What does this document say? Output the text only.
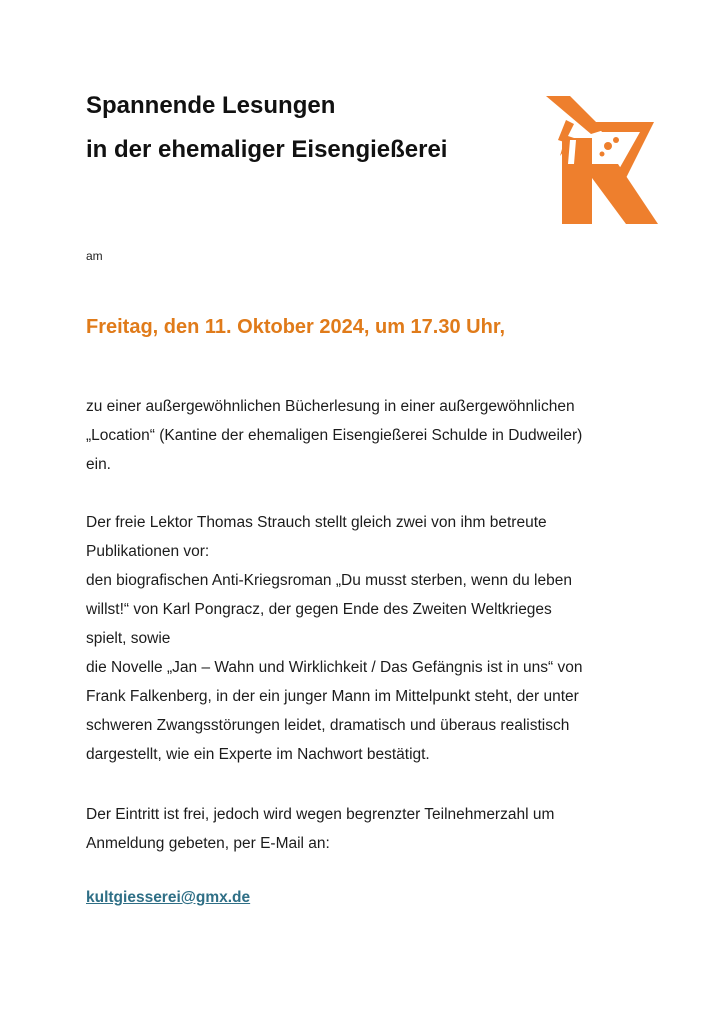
Spannende Lesungen
in der ehemaliger Eisengießerei
am
Freitag, den 11. Oktober 2024, um 17.30 Uhr,
zu einer außergewöhnlichen Bücherlesung in einer außergewöhnlichen
„Location“ (Kantine der ehemaligen Eisengießerei Schulde in Dudweiler)
ein.
Der freie Lektor Thomas Strauch stellt gleich zwei von ihm betreute
Publikationen vor:
den biografischen Anti-Kriegsroman „Du musst sterben, wenn du leben
willst!“ von Karl Pongracz, der gegen Ende des Zweiten Weltkrieges
spielt, sowie
die Novelle „Jan – Wahn und Wirklichkeit / Das Gefängnis ist in uns“ von
Frank Falkenberg, in der ein junger Mann im Mittelpunkt steht, der unter
schweren Zwangsstörungen leidet, dramatisch und überaus realistisch
dargestellt, wie ein Experte im Nachwort bestätigt.
Der Eintritt ist frei, jedoch wird wegen begrenzter Teilnehmerzahl um
Anmeldung gebeten, per E-Mail an:
kultgiesserei@gmx.de
